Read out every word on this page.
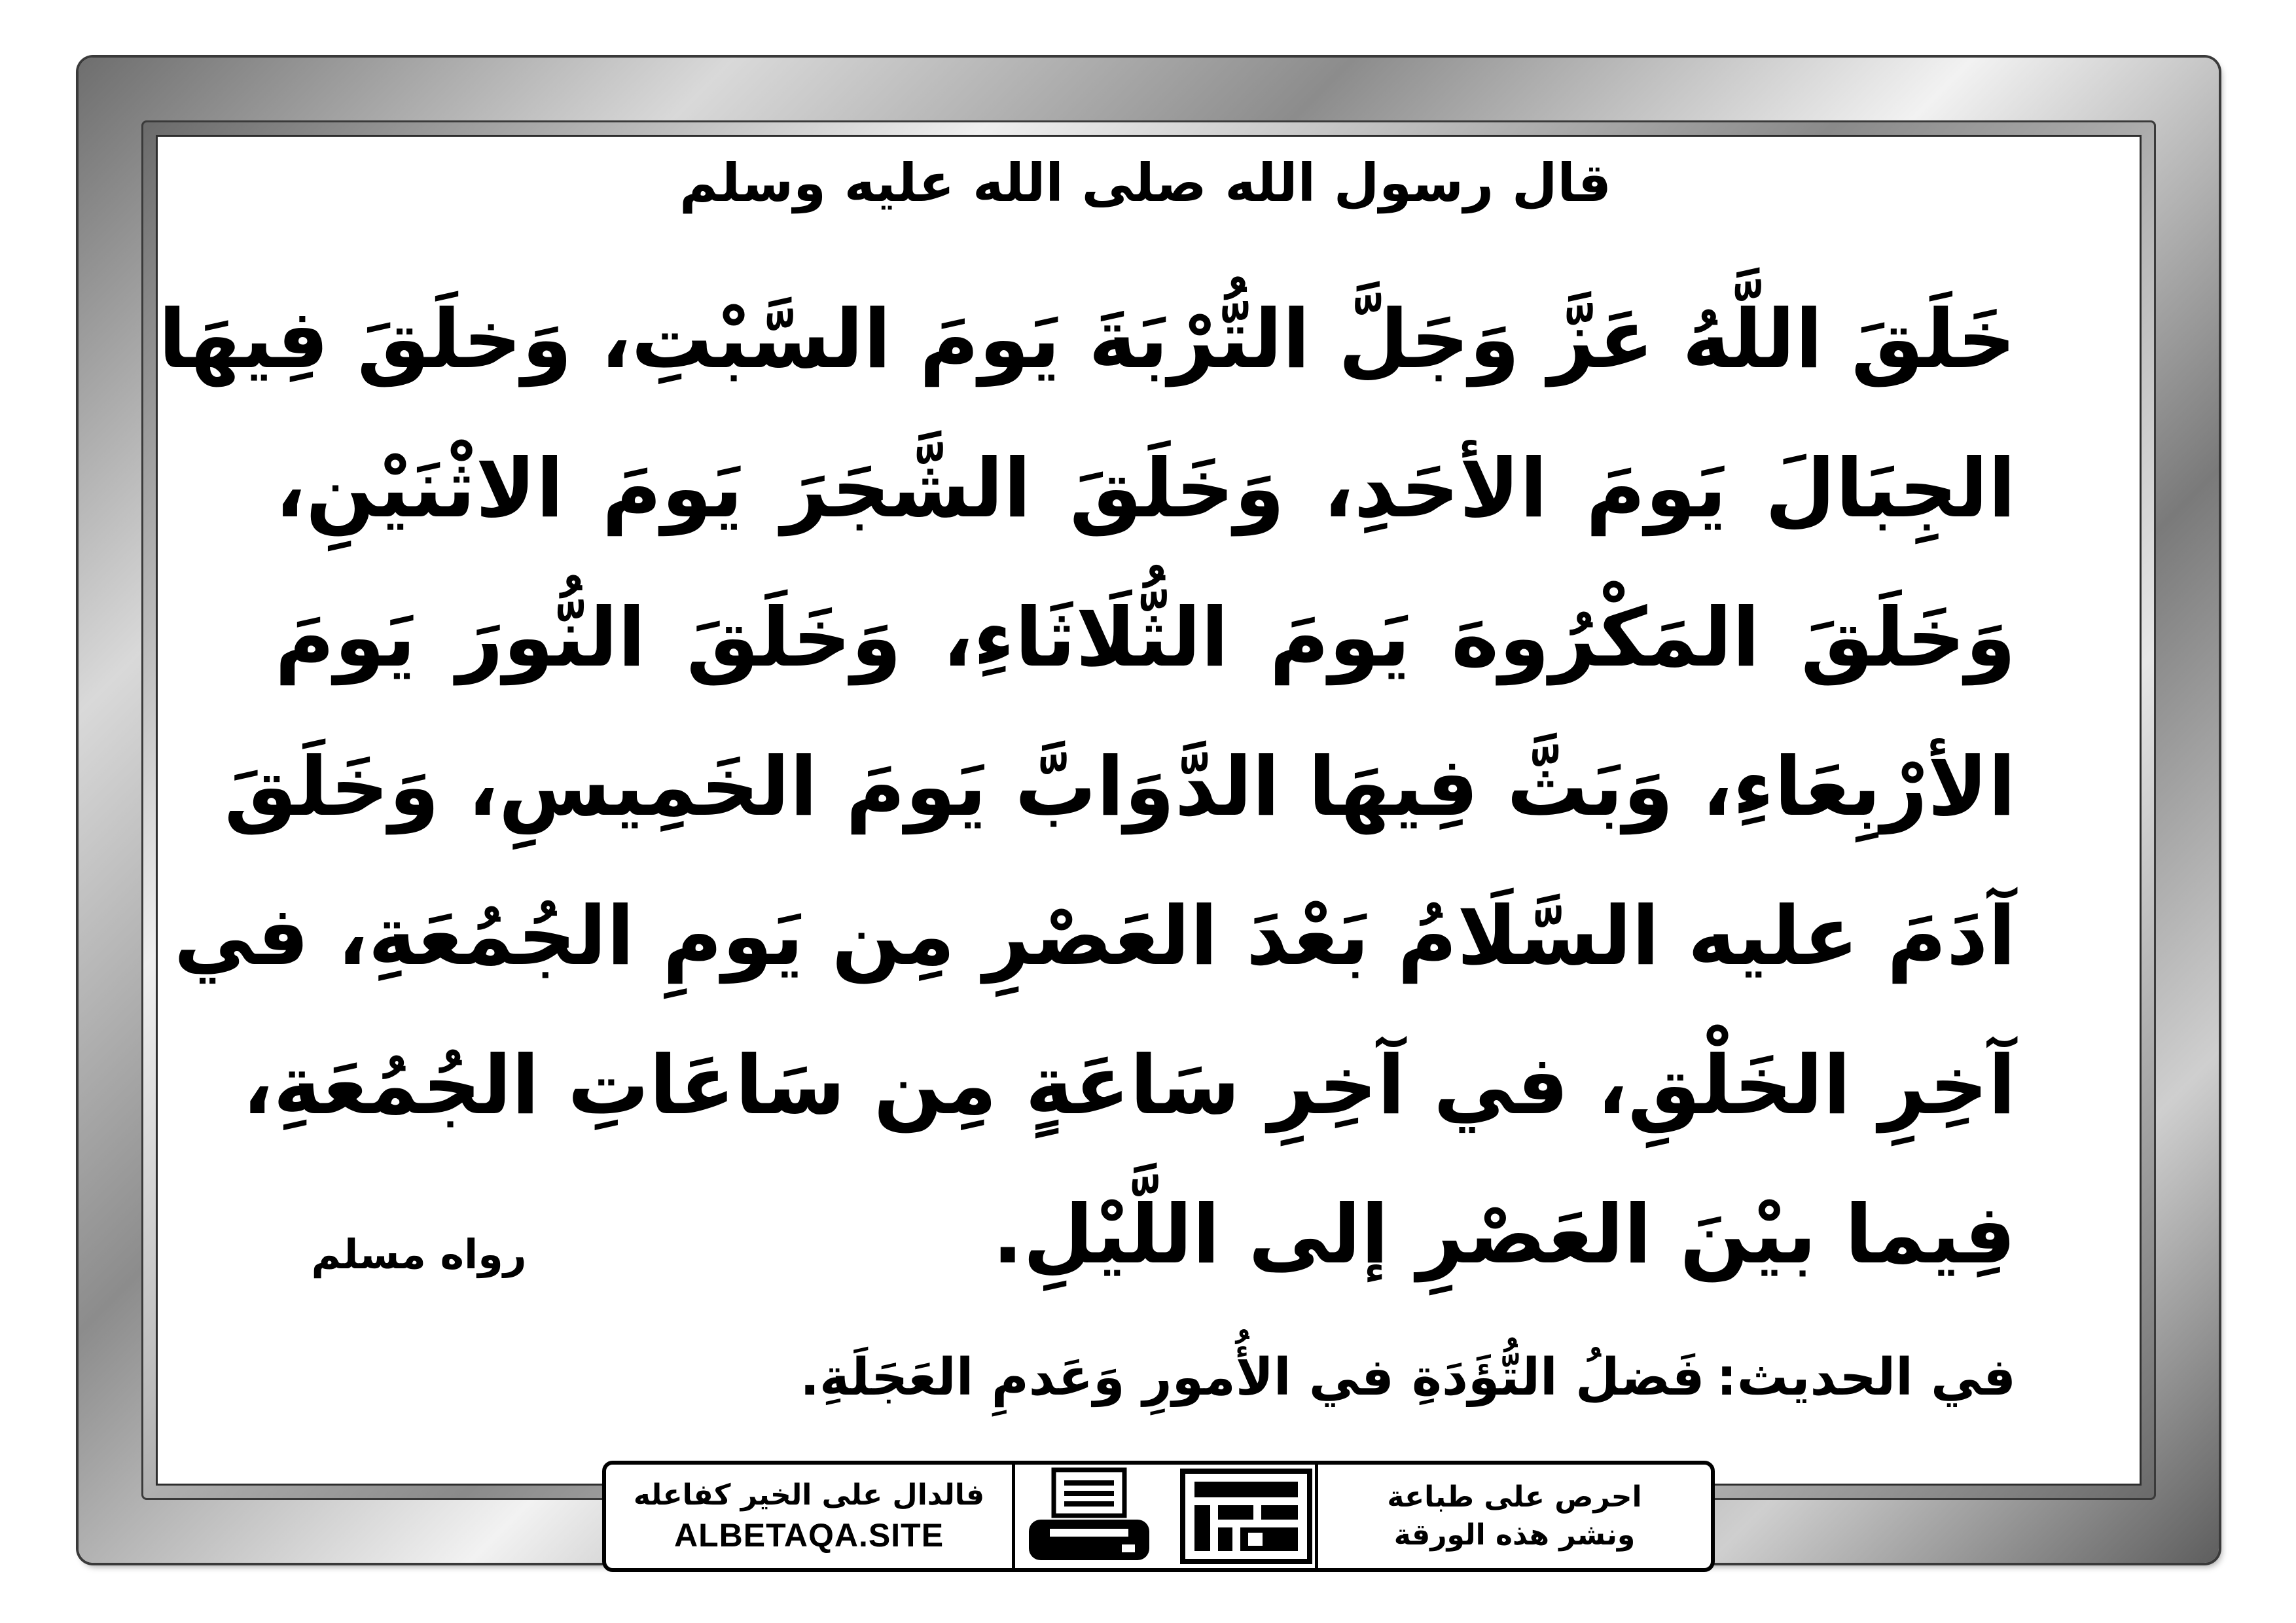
قال رسول الله صلى الله عليه وسلم
خَلَقَ اللَّهُ عَزَّ وَجَلَّ التُّرْبَةَ يَومَ السَّبْتِ، وَخلَقَ فِيهَا
الجِبَالَ يَومَ الأحَدِ، وَخَلَقَ الشَّجَرَ يَومَ الاثْنَيْنِ،
وَخَلَقَ المَكْرُوهَ يَومَ الثُّلَاثَاءِ، وَخَلَقَ النُّورَ يَومَ
الأرْبِعَاءِ، وَبَثَّ فِيهَا الدَّوَابَّ يَومَ الخَمِيسِ، وَخَلَقَ
آدَمَ عليه السَّلَامُ بَعْدَ العَصْرِ مِن يَومِ الجُمُعَةِ، في
آخِرِ الخَلْقِ، في آخِرِ سَاعَةٍ مِن سَاعَاتِ الجُمُعَةِ،
فِيما بيْنَ العَصْرِ إلى اللَّيْلِ.
رواه مسلم
في الحديث:فَضلُ التُّؤَدَةِ في الأُمورِ وَعَدمِ العَجَلَةِ.
احرص على طباعة
ونشر هذه الورقة
فالدال على الخير كفاعله
ALBETAQA.SITE
